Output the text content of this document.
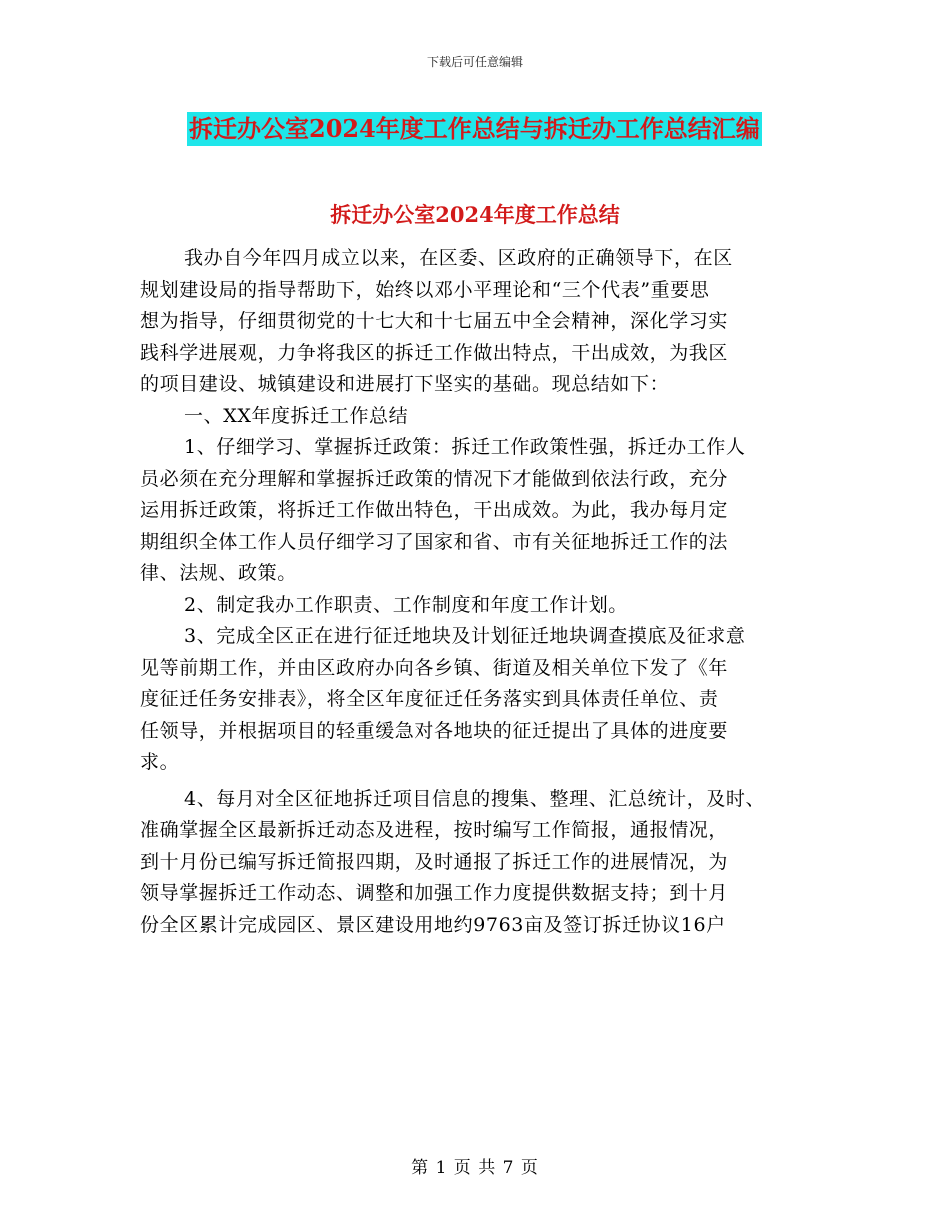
下载后可任意编辑
拆迁办公室2024年度工作总结与拆迁办工作总结汇编
拆迁办公室2024年度工作总结
我办自今年四月成立以来，在区委、区政府的正确领导下，在区
规划建设局的指导帮助下，始终以邓小平理论和“三个代表”重要思
想为指导，仔细贯彻党的十七大和十七届五中全会精神，深化学习实
践科学进展观，力争将我区的拆迁工作做出特点，干出成效，为我区
的项目建设、城镇建设和进展打下坚实的基础。现总结如下：
一、XX年度拆迁工作总结
1、仔细学习、掌握拆迁政策：拆迁工作政策性强，拆迁办工作人
员必须在充分理解和掌握拆迁政策的情况下才能做到依法行政，充分
运用拆迁政策，将拆迁工作做出特色，干出成效。为此，我办每月定
期组织全体工作人员仔细学习了国家和省、市有关征地拆迁工作的法
律、法规、政策。
2、制定我办工作职责、工作制度和年度工作计划。
3、完成全区正在进行征迁地块及计划征迁地块调查摸底及征求意
见等前期工作，并由区政府办向各乡镇、街道及相关单位下发了《年
度征迁任务安排表》，将全区年度征迁任务落实到具体责任单位、责
任领导，并根据项目的轻重缓急对各地块的征迁提出了具体的进度要
求。
4、每月对全区征地拆迁项目信息的搜集、整理、汇总统计，及时、
准确掌握全区最新拆迁动态及进程，按时编写工作简报，通报情况，
到十月份已编写拆迁简报四期，及时通报了拆迁工作的进展情况，为
领导掌握拆迁工作动态、调整和加强工作力度提供数据支持；到十月
份全区累计完成园区、景区建设用地约9763亩及签订拆迁协议16户
第 1 页 共 7 页
